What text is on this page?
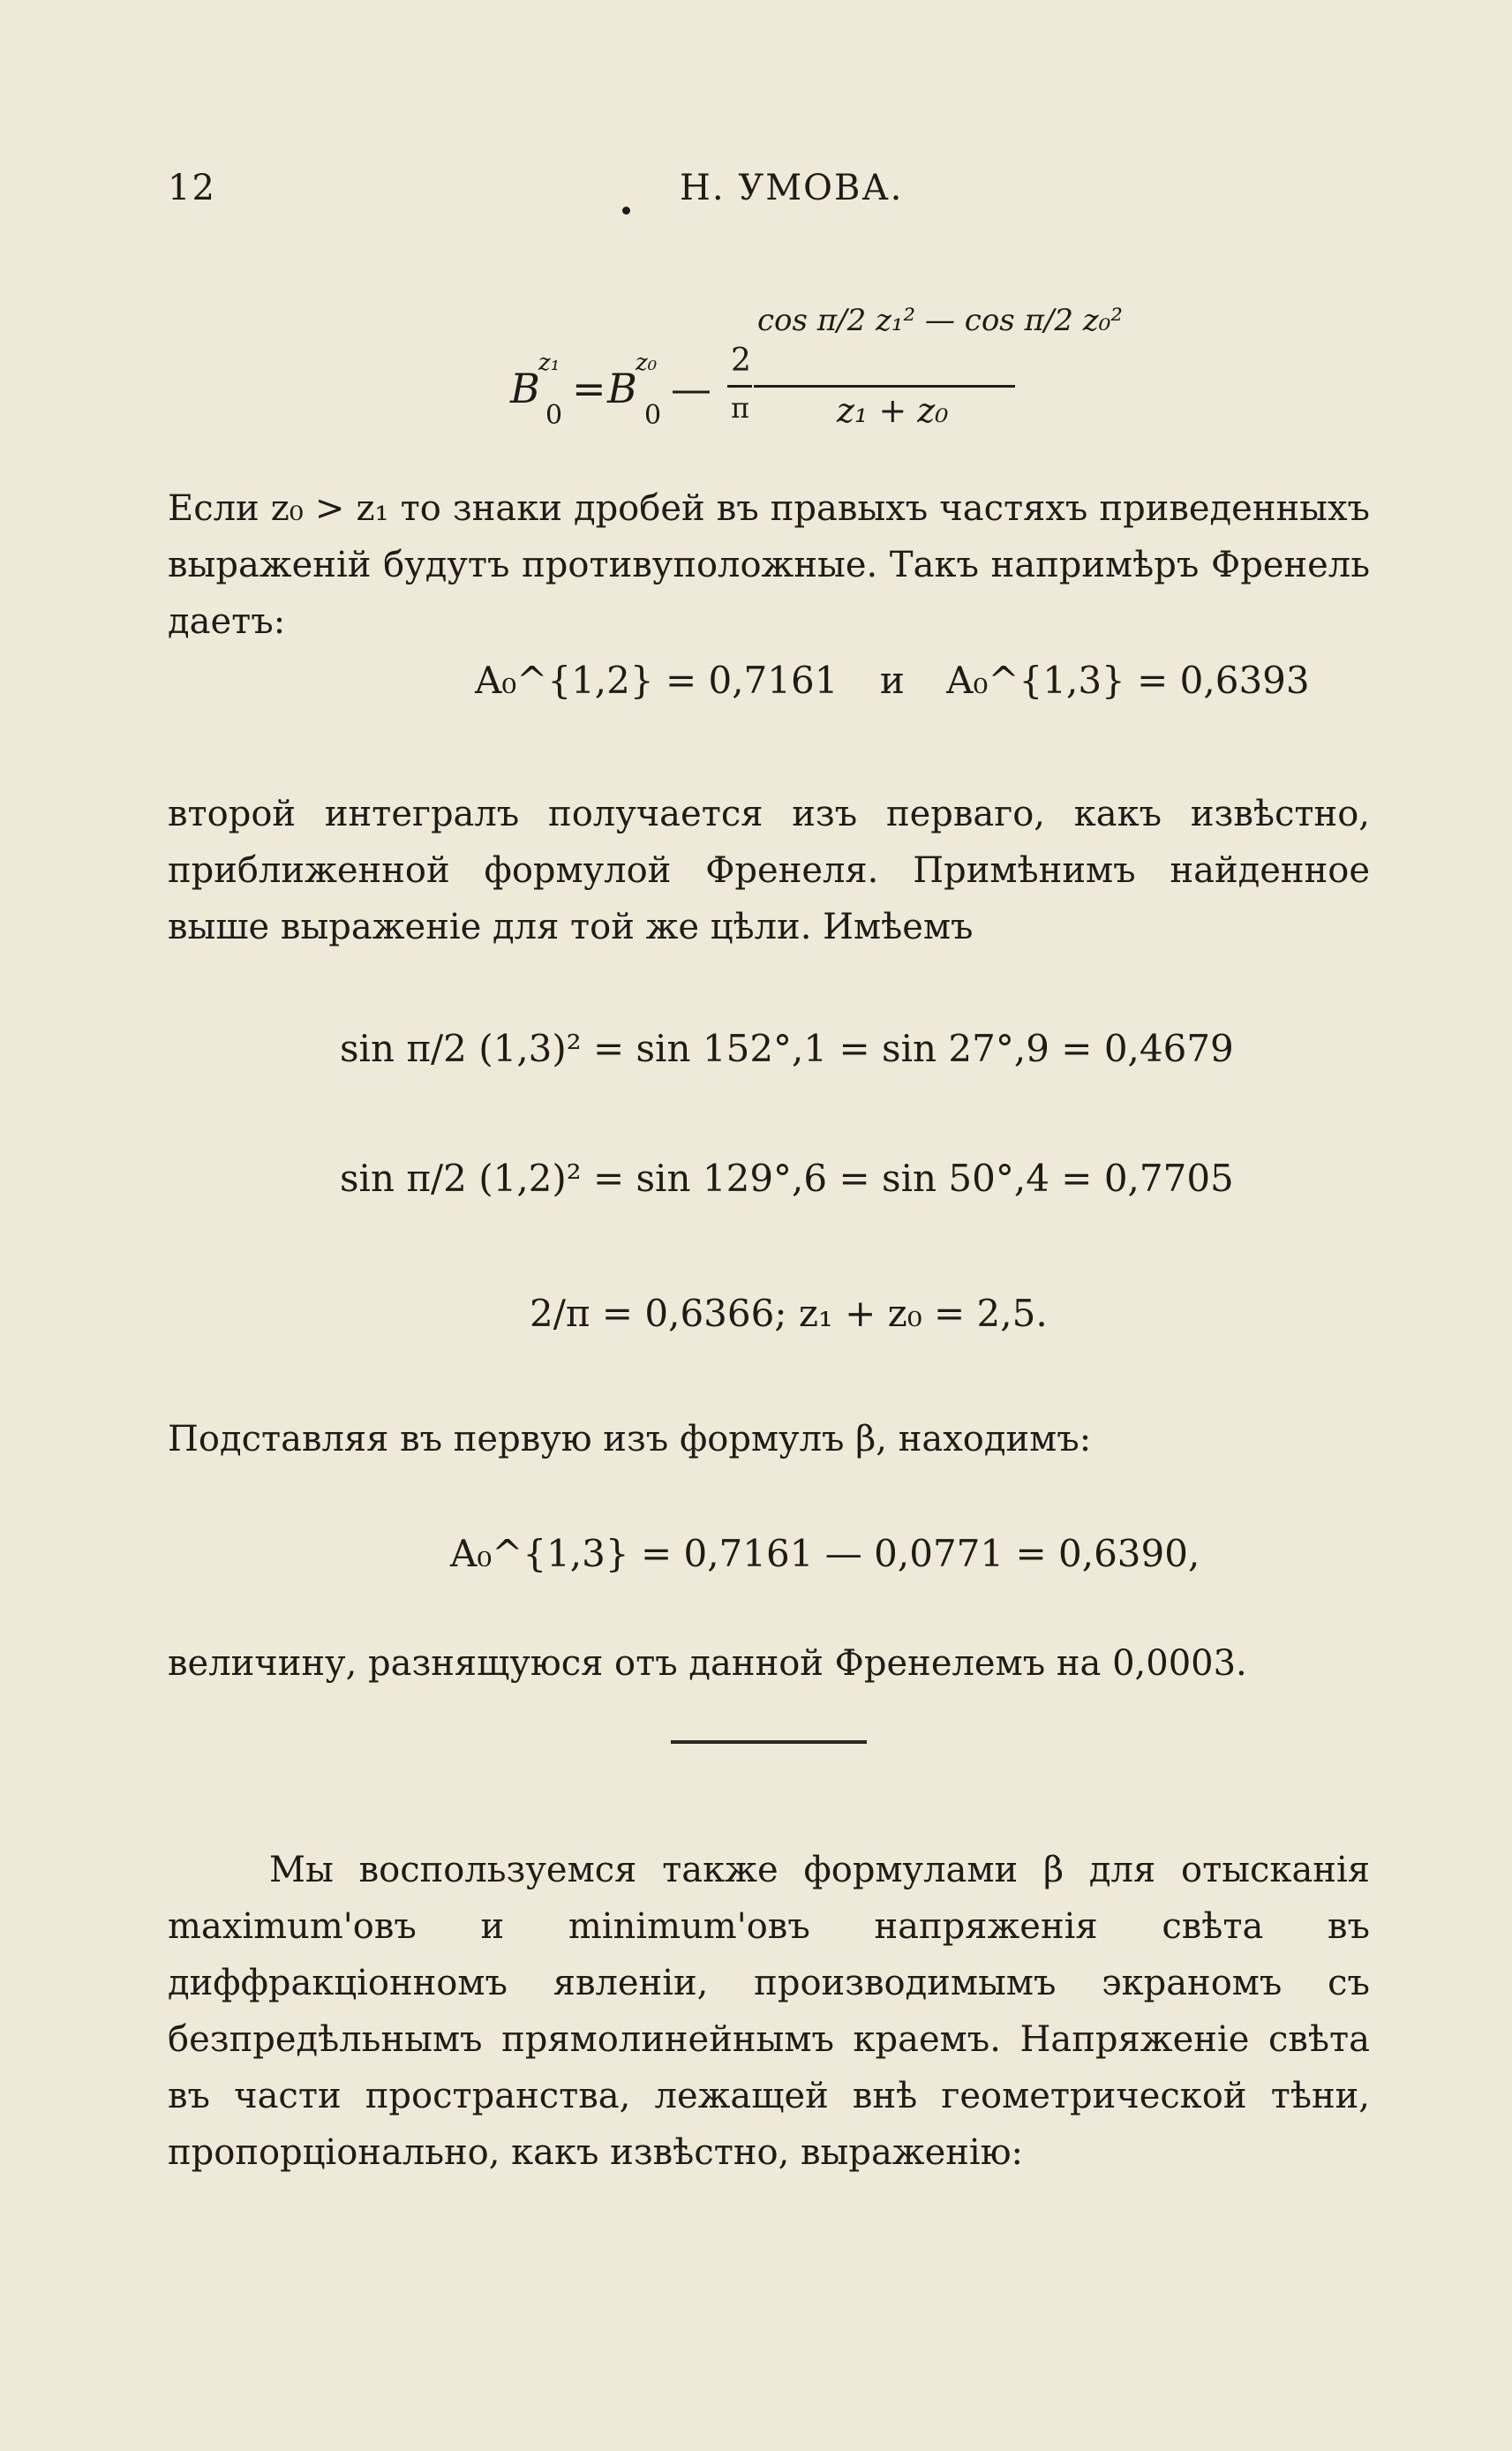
12	Н. УМОВА.
B
z₁
0
= B
z₀
0
—
2
π
cos π/2 z₁² — cos π/2 z₀²
z₁ + z₀
Если z₀ > z₁ то знаки дробей въ правыхъ частяхъ приведенныхъ выраженій будутъ противуположные. Такъ напримѣръ Френель даетъ:
A₀^{1,2} = 0,7161 и A₀^{1,3} = 0,6393
второй интегралъ получается изъ перваго, какъ извѣстно, приближенной формулой Френеля. Примѣнимъ найденное выше выраженіе для той же цѣли. Имѣемъ
sin π/2 (1,3)² = sin 152°,1 = sin 27°,9 = 0,4679
sin π/2 (1,2)² = sin 129°,6 = sin 50°,4 = 0,7705
2/π = 0,6366; z₁ + z₀ = 2,5.
Подставляя въ первую изъ формулъ β, находимъ:
A₀^{1,3} = 0,7161 — 0,0771 = 0,6390,
величину, разнящуюся отъ данной Френелемъ на 0,0003.
Мы воспользуемся также формулами β для отысканія maximum'овъ и minimum'овъ напряженія свѣта въ диффракціонномъ явленіи, производимымъ экраномъ съ безпредѣльнымъ прямолинейнымъ краемъ. Напряженіе свѣта въ части пространства, лежащей внѣ геометрической тѣни, пропорціонально, какъ извѣстно, выраженію:
